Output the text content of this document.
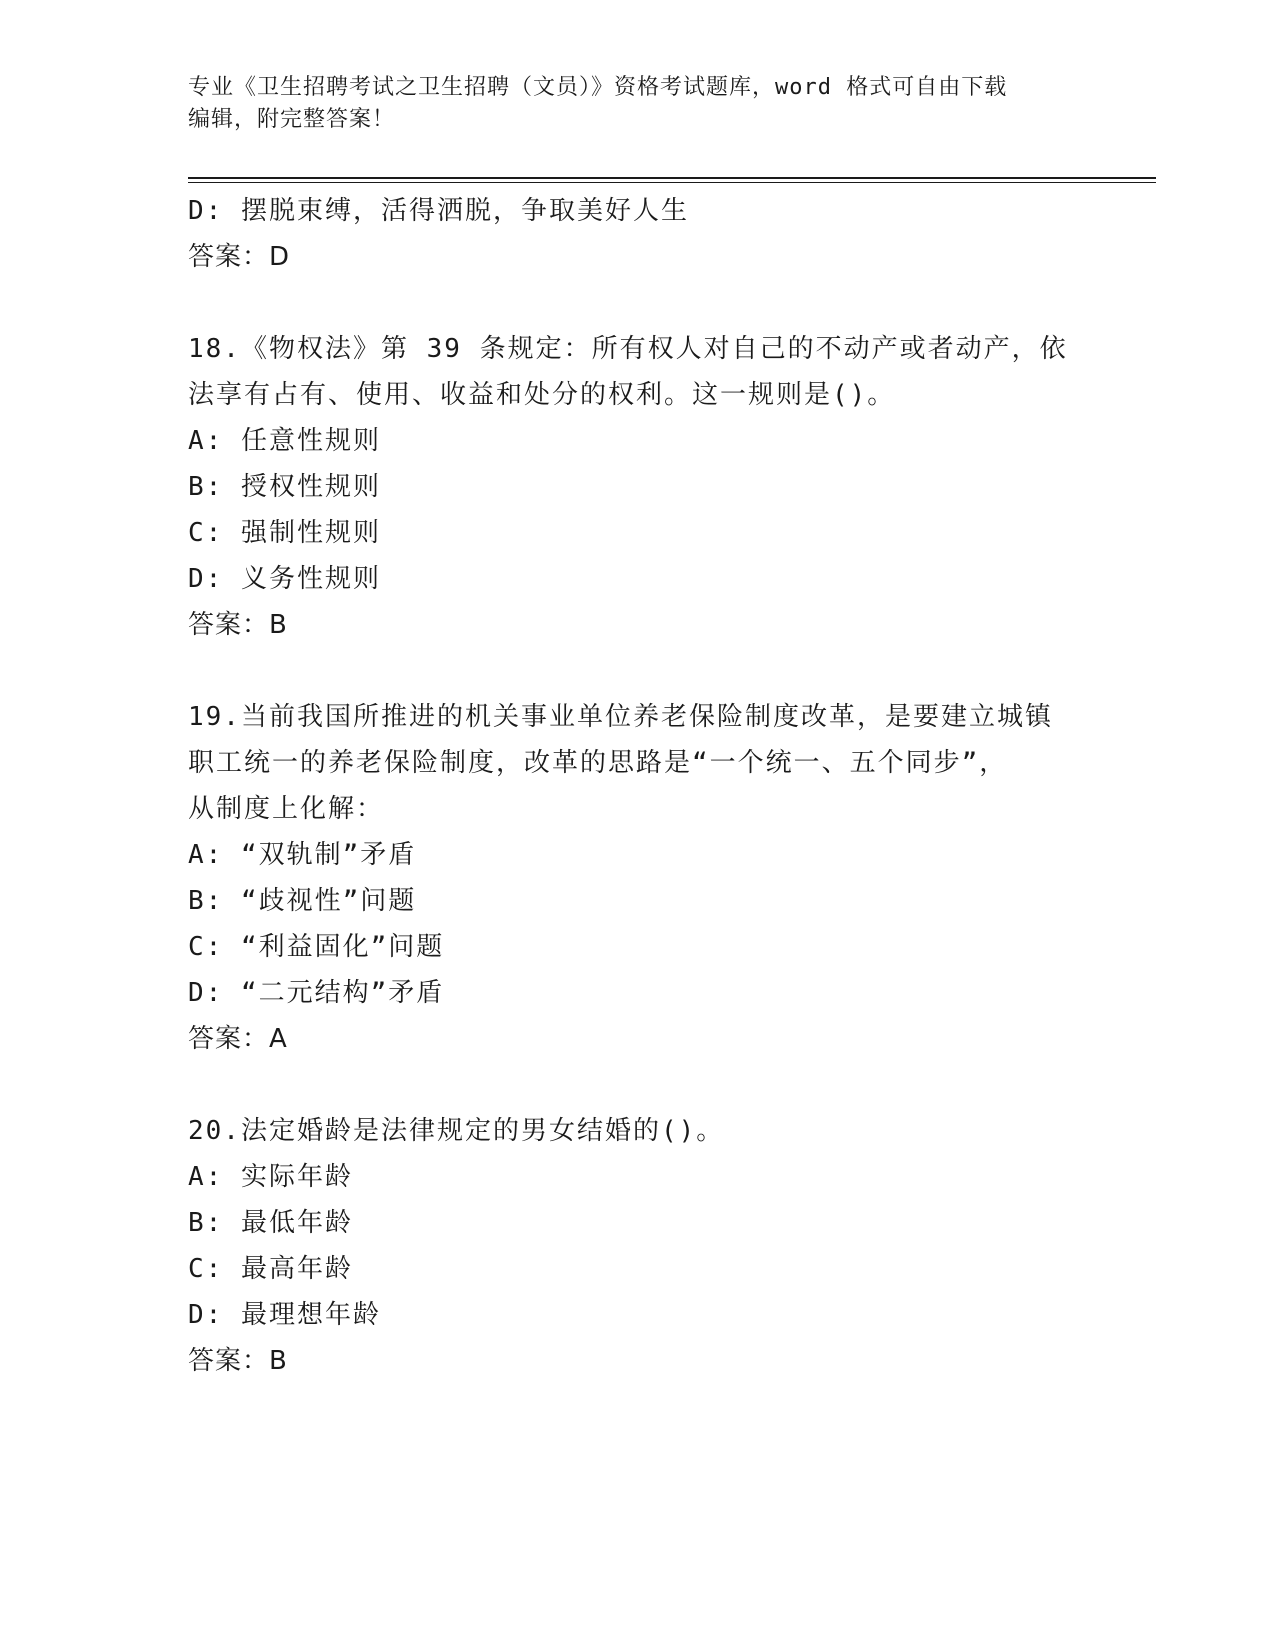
专业《卫生招聘考试之卫生招聘（文员）》资格考试题库，word 格式可自由下载
编辑，附完整答案！
D: 摆脱束缚，活得洒脱，争取美好人生
答案：D
18.《物权法》第 39 条规定：所有权人对自己的不动产或者动产，依
法享有占有、使用、收益和处分的权利。这一规则是()。
A: 任意性规则
B: 授权性规则
C: 强制性规则
D: 义务性规则
答案：B
19.当前我国所推进的机关事业单位养老保险制度改革，是要建立城镇
职工统一的养老保险制度，改革的思路是“一个统一、五个同步”，
从制度上化解：
A: “双轨制”矛盾
B: “歧视性”问题
C: “利益固化”问题
D: “二元结构”矛盾
答案：A
20.法定婚龄是法律规定的男女结婚的()。
A: 实际年龄
B: 最低年龄
C: 最高年龄
D: 最理想年龄
答案：B
